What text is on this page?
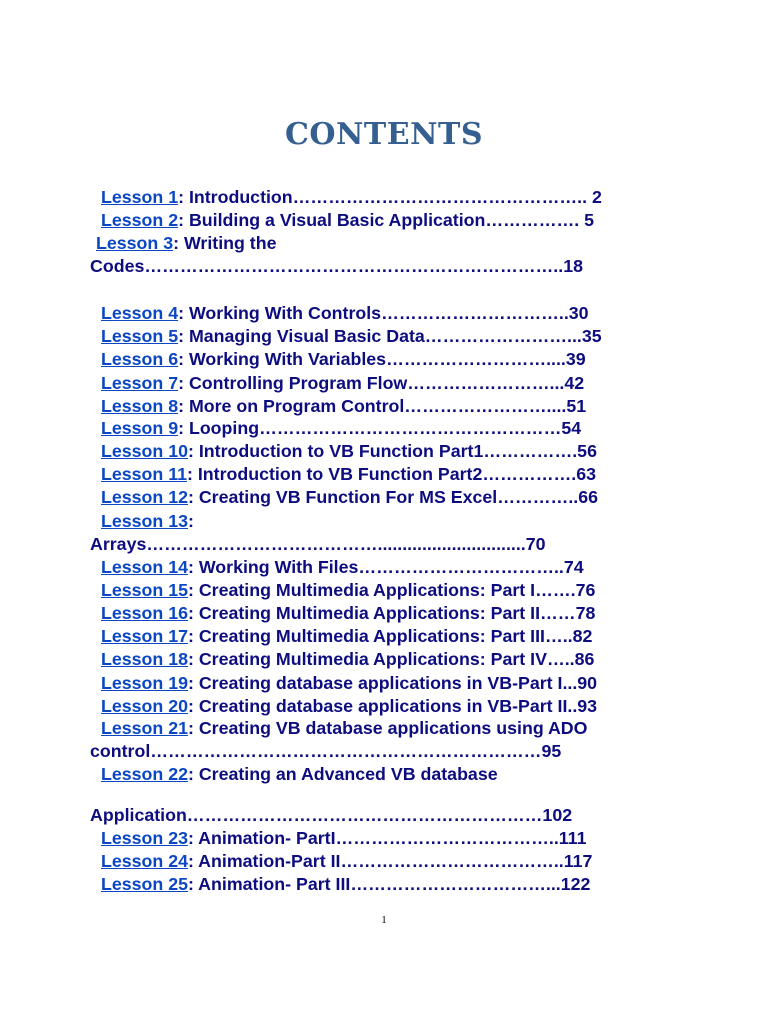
CONTENTS
Lesson 1: Introduction………………………………………….. 2
Lesson 2: Building a Visual Basic Application……………. 5
Lesson 3: Writing the
Codes……………………………………………………………..18
Lesson 4: Working With Controls…………………………..30
Lesson 5: Managing Visual Basic Data……………………...35
Lesson 6: Working With Variables………………………....39
Lesson 7: Controlling Program Flow……………………...42
Lesson 8: More on Program Control……………………....51
Lesson 9: Looping……………………………………………54
Lesson 10: Introduction to VB Function Part1…………….56
Lesson 11: Introduction to VB Function Part2…………….63
Lesson 12: Creating VB Function For MS Excel…………..66
Lesson 13:
Arrays…………………………………..............................70
Lesson 14: Working With Files……………………………..74
Lesson 15: Creating Multimedia Applications: Part I…….76
Lesson 16: Creating Multimedia Applications: Part II……78
Lesson 17: Creating Multimedia Applications: Part III…..82
Lesson 18: Creating Multimedia Applications: Part IV…..86
Lesson 19: Creating database applications in VB-Part I...90
Lesson 20: Creating database applications in VB-Part II..93
Lesson 21: Creating VB database applications using ADO
control…………………………………………………………95
Lesson 22: Creating an Advanced VB database
Application……………………………………………………102
Lesson 23: Animation- PartI………………………………..111
Lesson 24: Animation-Part II………………………………..117
Lesson 25: Animation- Part III……………………………...122
1
